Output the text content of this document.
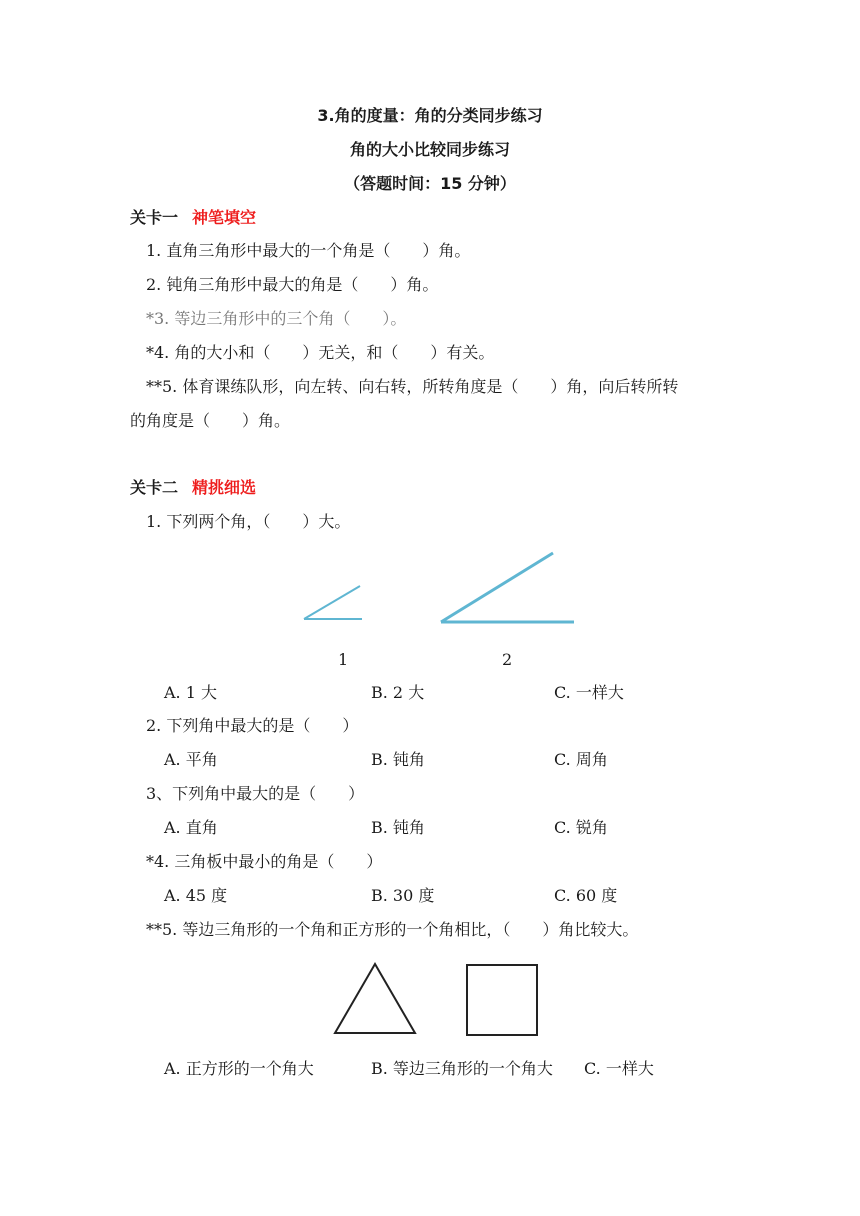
3.角的度量：角的分类同步练习
角的大小比较同步练习
（答题时间：15 分钟）
关卡一 神笔填空
1. 直角三角形中最大的一个角是（　　）角。
2. 钝角三角形中最大的角是（　　）角。
*3. 等边三角形中的三个角（　　）。
*4. 角的大小和（　　）无关，和（　　）有关。
**5. 体育课练队形，向左转、向右转，所转角度是（　　）角，向后转所转
的角度是（　　）角。
关卡二 精挑细选
1. 下列两个角，（　　）大。
1	2
A. 1 大	B. 2 大	C. 一样大
2. 下列角中最大的是（　　）
A. 平角	B. 钝角	C. 周角
3、下列角中最大的是（　　）
A. 直角	B. 钝角	C. 锐角
*4. 三角板中最小的角是（　　）
A. 45 度	B. 30 度	C. 60 度
**5. 等边三角形的一个角和正方形的一个角相比，（　　）角比较大。
A. 正方形的一个角大	B. 等边三角形的一个角大 C. 一样大
